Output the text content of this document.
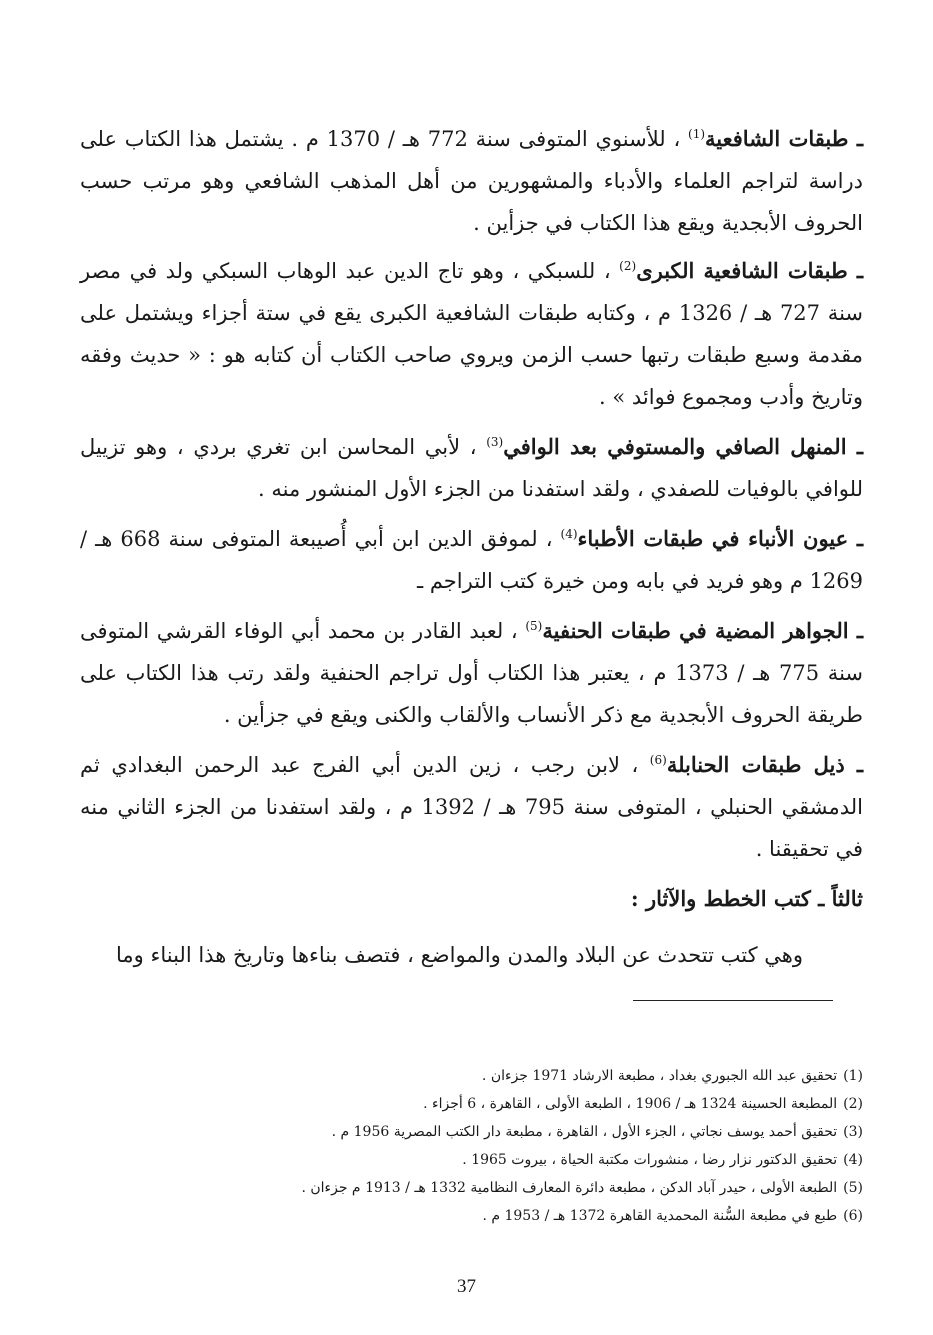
ـ طبقات الشافعية$^{(1)}$ ، للأسنوي المتوفى سنة 772 هـ / 1370 م . يشتمل هذا الكتاب على دراسة لتراجم العلماء والأدباء والمشهورين من أهل المذهب الشافعي وهو مرتب حسب الحروف الأبجدية ويقع هذا الكتاب في جزأين .

ـ طبقات الشافعية الكبرى$^{(2)}$ ، للسبكي ، وهو تاج الدين عبد الوهاب السبكي ولد في مصر سنة 727 هـ / 1326 م ، وكتابه طبقات الشافعية الكبرى يقع في ستة أجزاء ويشتمل على مقدمة وسبع طبقات رتبها حسب الزمن ويروي صاحب الكتاب أن كتابه هو : « حديث وفقه وتاريخ وأدب ومجموع فوائد » .

ـ المنهل الصافي والمستوفي بعد الوافي$^{(3)}$ ، لأبي المحاسن ابن تغري بردي ، وهو تزييل للوافي بالوفيات للصفدي ، ولقد استفدنا من الجزء الأول المنشور منه .

ـ عيون الأنباء في طبقات الأطباء$^{(4)}$ ، لموفق الدين ابن أبي أُصيبعة المتوفى سنة 668 هـ / 1269 م وهو فريد في بابه ومن خيرة كتب التراجم ـ

ـ الجواهر المضية في طبقات الحنفية$^{(5)}$ ، لعبد القادر بن محمد أبي الوفاء القرشي المتوفى سنة 775 هـ / 1373 م ، يعتبر هذا الكتاب أول تراجم الحنفية ولقد رتب هذا الكتاب على طريقة الحروف الأبجدية مع ذكر الأنساب والألقاب والكنى ويقع في جزأين .

ـ ذيل طبقات الحنابلة$^{(6)}$ ، لابن رجب ، زين الدين أبي الفرج عبد الرحمن البغدادي ثم الدمشقي الحنبلي ، المتوفى سنة 795 هـ / 1392 م ، ولقد استفدنا من الجزء الثاني منه في تحقيقنا .

ثالثاً ـ كتب الخطط والآثار :

وهي كتب تتحدث عن البلاد والمدن والمواضع ، فتصف بناءها وتاريخ هذا البناء وما

(1)تحقيق عبد الله الجبوري بغداد ، مطبعة الارشاد 1971 جزءان .

(2)المطبعة الحسينة 1324 هـ / 1906 ، الطبعة الأولى ، القاهرة ، 6 أجزاء .

(3)تحقيق أحمد يوسف نجاتي ، الجزء الأول ، القاهرة ، مطبعة دار الكتب المصرية 1956 م .

(4)تحقيق الدكتور نزار رضا ، منشورات مكتبة الحياة ، بيروت 1965 .

(5)الطبعة الأولى ، حيدر آباد الدكن ، مطبعة دائرة المعارف النظامية 1332 هـ / 1913 م جزءان .

(6)طبع في مطبعة السُّنة المحمدية القاهرة 1372 هـ / 1953 م .

37
